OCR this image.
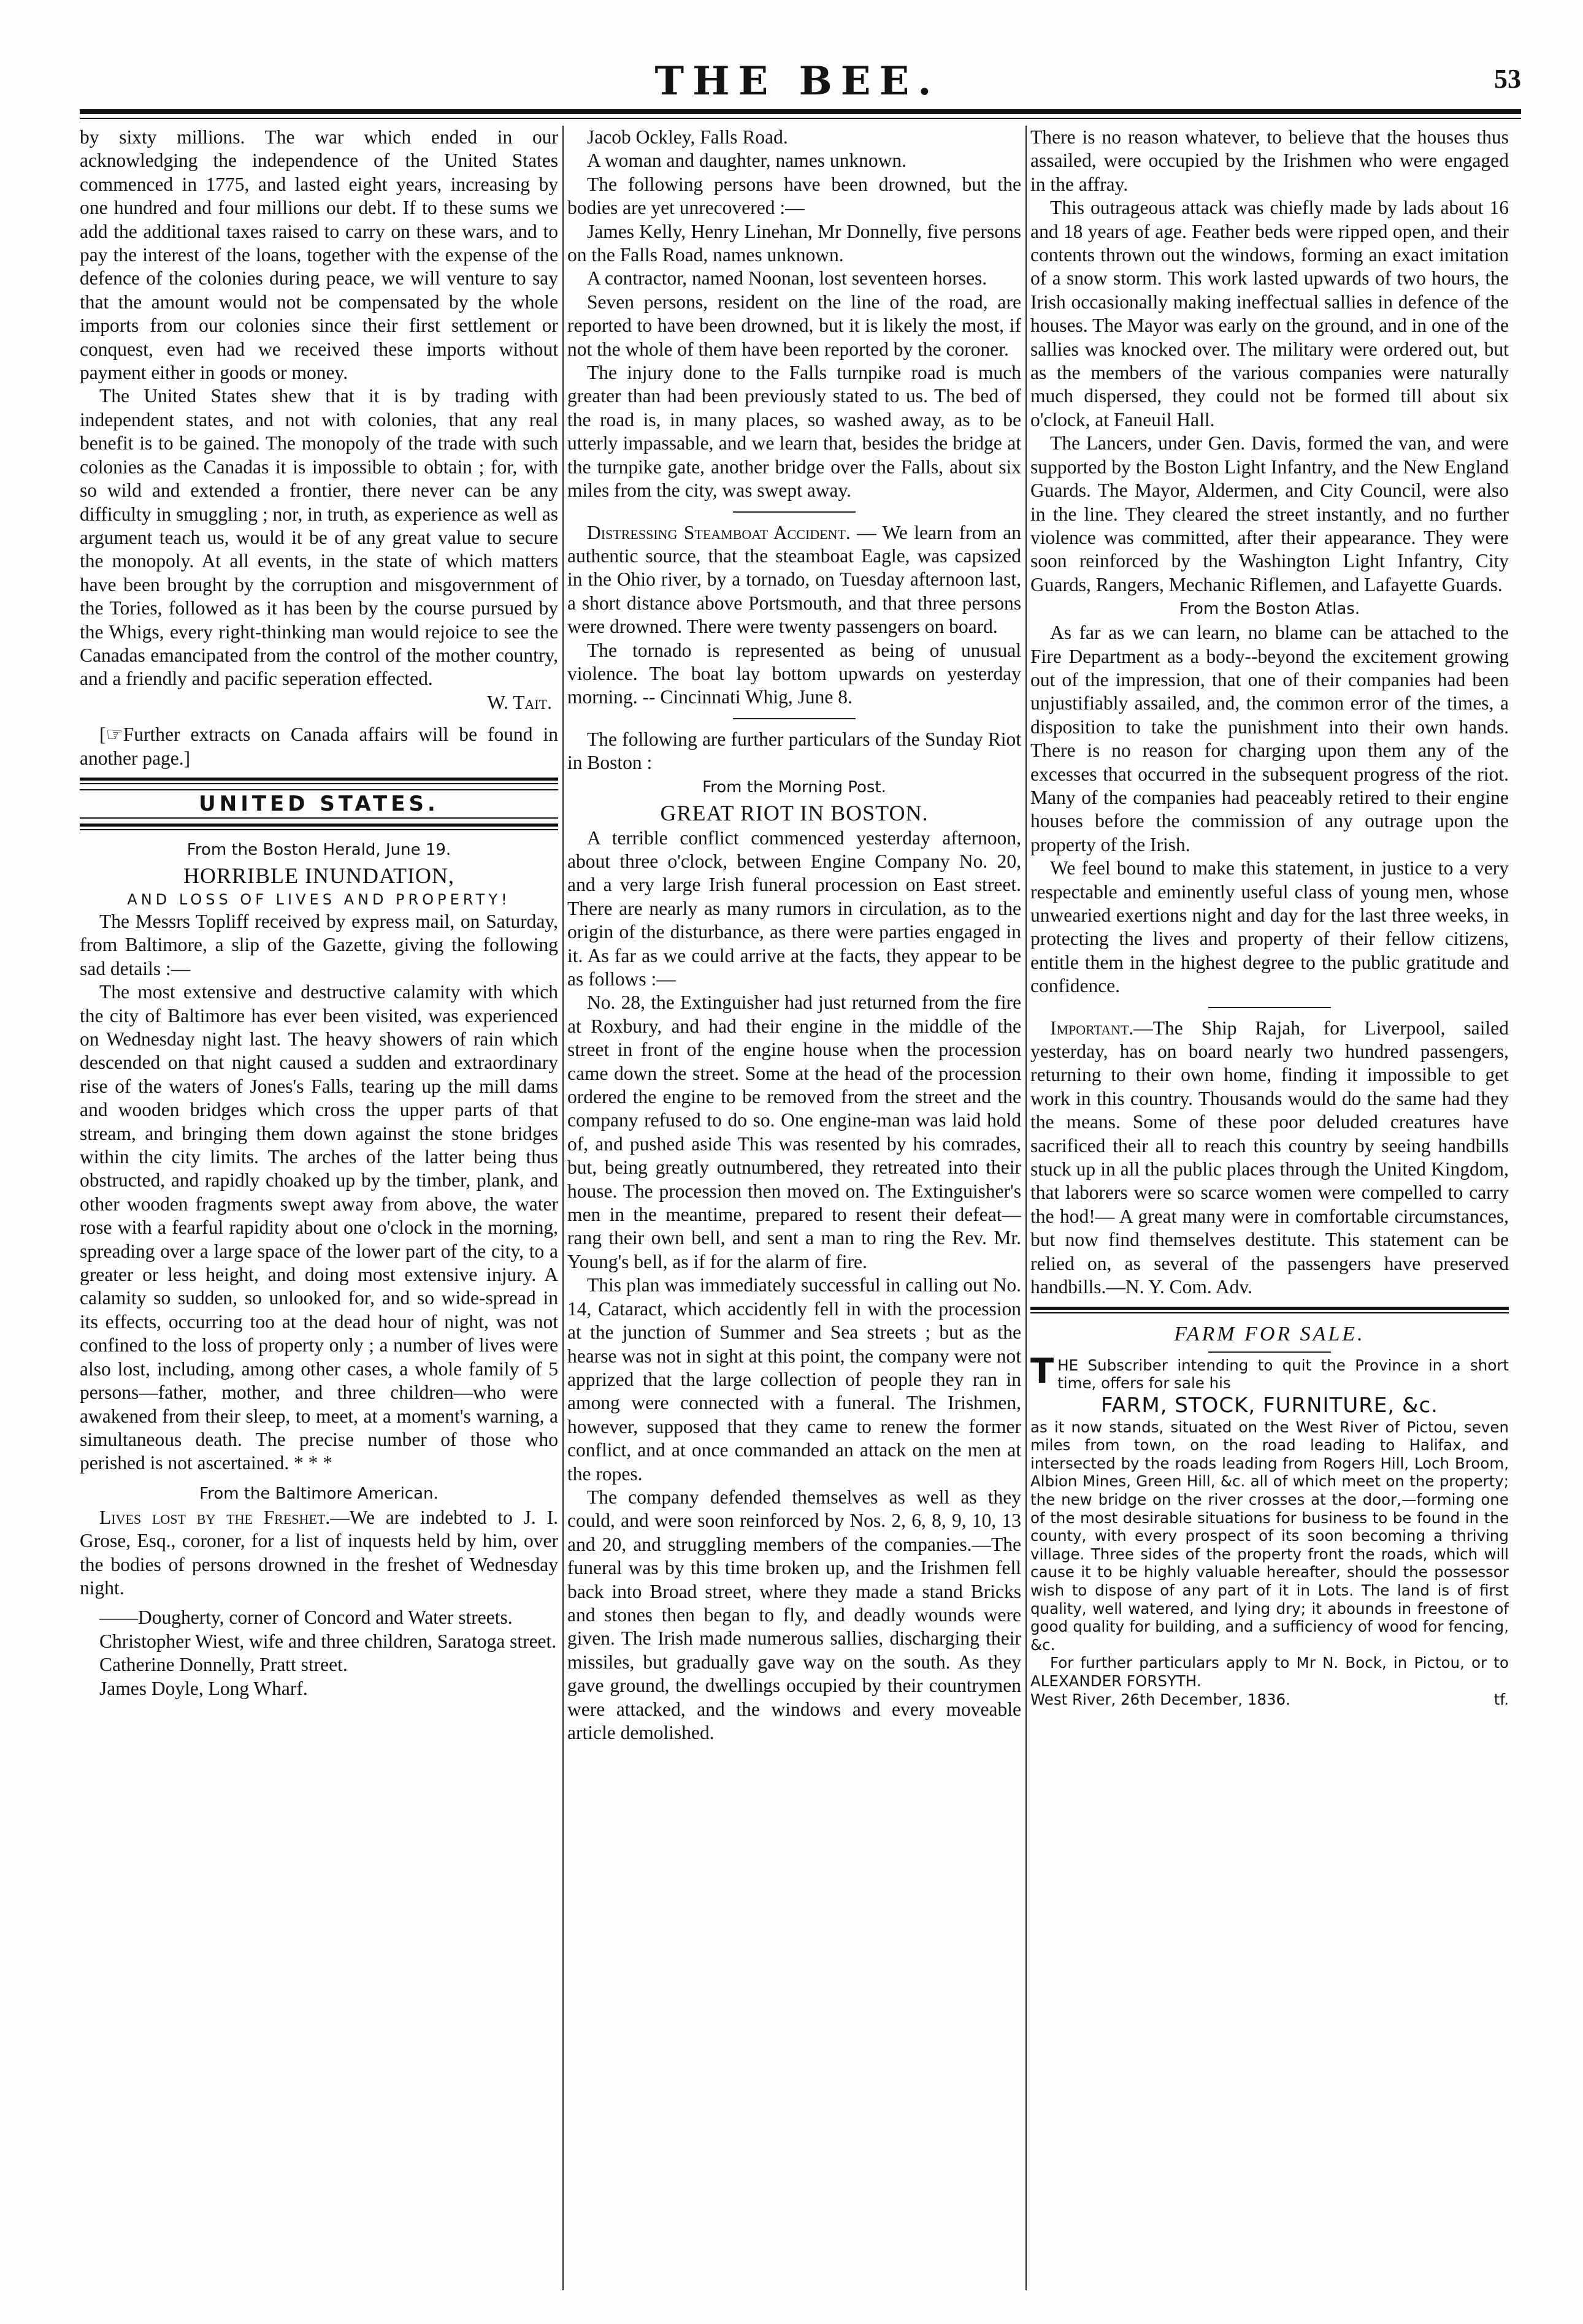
THE BEE.	53

by sixty millions. The war which ended in our acknowledging the independence of the United States commenced in 1775, and lasted eight years, increasing by one hundred and four millions our debt. If to these sums we add the additional taxes raised to carry on these wars, and to pay the interest of the loans, together with the expense of the defence of the colonies during peace, we will venture to say that the amount would not be compensated by the whole imports from our colonies since their first settlement or conquest, even had we received these imports without payment either in goods or money.

The United States shew that it is by trading with independent states, and not with colonies, that any real benefit is to be gained. The monopoly of the trade with such colonies as the Canadas it is impossible to obtain ; for, with so wild and extended a frontier, there never can be any difficulty in smuggling ; nor, in truth, as experience as well as argument teach us, would it be of any great value to secure the monopoly. At all events, in the state of which matters have been brought by the corruption and misgovernment of the Tories, followed as it has been by the course pursued by the Whigs, every right-thinking man would rejoice to see the Canadas emancipated from the control of the mother country, and a friendly and pacific seperation effected.

W. Tait.

[☞Further extracts on Canada affairs will be found in another page.]

UNITED STATES.
From the Boston Herald, June 19.
HORRIBLE INUNDATION,
AND LOSS OF LIVES AND PROPERTY!

The Messrs Topliff received by express mail, on Saturday, from Baltimore, a slip of the Gazette, giving the following sad details :—

The most extensive and destructive calamity with which the city of Baltimore has ever been visited, was experienced on Wednesday night last. The heavy showers of rain which descended on that night caused a sudden and extraordinary rise of the waters of Jones's Falls, tearing up the mill dams and wooden bridges which cross the upper parts of that stream, and bringing them down against the stone bridges within the city limits. The arches of the latter being thus obstructed, and rapidly choaked up by the timber, plank, and other wooden fragments swept away from above, the water rose with a fearful rapidity about one o'clock in the morning, spreading over a large space of the lower part of the city, to a greater or less height, and doing most extensive injury. A calamity so sudden, so unlooked for, and so wide-spread in its effects, occurring too at the dead hour of night, was not confined to the loss of property only ; a number of lives were also lost, including, among other cases, a whole family of 5 persons—father, mother, and three children—who were awakened from their sleep, to meet, at a moment's warning, a simultaneous death. The precise number of those who perished is not ascertained. * * *

From the Baltimore American.

Lives lost by the Freshet.—We are indebted to J. I. Grose, Esq., coroner, for a list of inquests held by him, over the bodies of persons drowned in the freshet of Wednesday night.

——Dougherty, corner of Concord and Water streets.

Christopher Wiest, wife and three children, Saratoga street.

Catherine Donnelly, Pratt street.

James Doyle, Long Wharf.

Jacob Ockley, Falls Road.

A woman and daughter, names unknown.

The following persons have been drowned, but the bodies are yet unrecovered :—

James Kelly, Henry Linehan, Mr Donnelly, five persons on the Falls Road, names unknown.

A contractor, named Noonan, lost seventeen horses.

Seven persons, resident on the line of the road, are reported to have been drowned, but it is likely the most, if not the whole of them have been reported by the coroner.

The injury done to the Falls turnpike road is much greater than had been previously stated to us. The bed of the road is, in many places, so washed away, as to be utterly impassable, and we learn that, besides the bridge at the turnpike gate, another bridge over the Falls, about six miles from the city, was swept away.

Distressing Steamboat Accident. — We learn from an authentic source, that the steamboat Eagle, was capsized in the Ohio river, by a tornado, on Tuesday afternoon last, a short distance above Portsmouth, and that three persons were drowned. There were twenty passengers on board.

The tornado is represented as being of unusual violence. The boat lay bottom upwards on yesterday morning. -- Cincinnati Whig, June 8.

The following are further particulars of the Sunday Riot in Boston :

From the Morning Post.
GREAT RIOT IN BOSTON.

A terrible conflict commenced yesterday afternoon, about three o'clock, between Engine Company No. 20, and a very large Irish funeral procession on East street. There are nearly as many rumors in circulation, as to the origin of the disturbance, as there were parties engaged in it. As far as we could arrive at the facts, they appear to be as follows :—

No. 28, the Extinguisher had just returned from the fire at Roxbury, and had their engine in the middle of the street in front of the engine house when the procession came down the street. Some at the head of the procession ordered the engine to be removed from the street and the company refused to do so. One engine-man was laid hold of, and pushed aside This was resented by his comrades, but, being greatly outnumbered, they retreated into their house. The procession then moved on. The Extinguisher's men in the meantime, prepared to resent their defeat—rang their own bell, and sent a man to ring the Rev. Mr. Young's bell, as if for the alarm of fire.

This plan was immediately successful in calling out No. 14, Cataract, which accidently fell in with the procession at the junction of Summer and Sea streets ; but as the hearse was not in sight at this point, the company were not apprized that the large collection of people they ran in among were connected with a funeral. The Irishmen, however, supposed that they came to renew the former conflict, and at once commanded an attack on the men at the ropes.

The company defended themselves as well as they could, and were soon reinforced by Nos. 2, 6, 8, 9, 10, 13 and 20, and struggling members of the companies.—The funeral was by this time broken up, and the Irishmen fell back into Broad street, where they made a stand Bricks and stones then began to fly, and deadly wounds were given. The Irish made numerous sallies, discharging their missiles, but gradually gave way on the south. As they gave ground, the dwellings occupied by their countrymen were attacked, and the windows and every moveable article demolished.

There is no reason whatever, to believe that the houses thus assailed, were occupied by the Irishmen who were engaged in the affray.

This outrageous attack was chiefly made by lads about 16 and 18 years of age. Feather beds were ripped open, and their contents thrown out the windows, forming an exact imitation of a snow storm. This work lasted upwards of two hours, the Irish occasionally making ineffectual sallies in defence of the houses. The Mayor was early on the ground, and in one of the sallies was knocked over. The military were ordered out, but as the members of the various companies were naturally much dispersed, they could not be formed till about six o'clock, at Faneuil Hall.

The Lancers, under Gen. Davis, formed the van, and were supported by the Boston Light Infantry, and the New England Guards. The Mayor, Aldermen, and City Council, were also in the line. They cleared the street instantly, and no further violence was committed, after their appearance. They were soon reinforced by the Washington Light Infantry, City Guards, Rangers, Mechanic Riflemen, and Lafayette Guards.

From the Boston Atlas.

As far as we can learn, no blame can be attached to the Fire Department as a body--beyond the excitement growing out of the impression, that one of their companies had been unjustifiably assailed, and, the common error of the times, a disposition to take the punishment into their own hands. There is no reason for charging upon them any of the excesses that occurred in the subsequent progress of the riot. Many of the companies had peaceably retired to their engine houses before the commission of any outrage upon the property of the Irish.

We feel bound to make this statement, in justice to a very respectable and eminently useful class of young men, whose unwearied exertions night and day for the last three weeks, in protecting the lives and property of their fellow citizens, entitle them in the highest degree to the public gratitude and confidence.

Important.—The Ship Rajah, for Liverpool, sailed yesterday, has on board nearly two hundred passengers, returning to their own home, finding it impossible to get work in this country. Thousands would do the same had they the means. Some of these poor deluded creatures have sacrificed their all to reach this country by seeing handbills stuck up in all the public places through the United Kingdom, that laborers were so scarce women were compelled to carry the hod!— A great many were in comfortable circumstances, but now find themselves destitute. This statement can be relied on, as several of the passengers have preserved handbills.—N. Y. Com. Adv.

FARM FOR SALE.

THE Subscriber intending to quit the Province in a short time, offers for sale his

FARM, STOCK, FURNITURE, &c.

as it now stands, situated on the West River of Pictou, seven miles from town, on the road leading to Halifax, and intersected by the roads leading from Rogers Hill, Loch Broom, Albion Mines, Green Hill, &c. all of which meet on the property; the new bridge on the river crosses at the door,—forming one of the most desirable situations for business to be found in the county, with every prospect of its soon becoming a thriving village. Three sides of the property front the roads, which will cause it to be highly valuable hereafter, should the possessor wish to dispose of any part of it in Lots. The land is of first quality, well watered, and lying dry; it abounds in freestone of good quality for building, and a sufficiency of wood for fencing, &c.

For further particulars apply to Mr N. Bock, in Pictou, or to ALEXANDER FORSYTH.

West River, 26th December, 1836.	tf.
